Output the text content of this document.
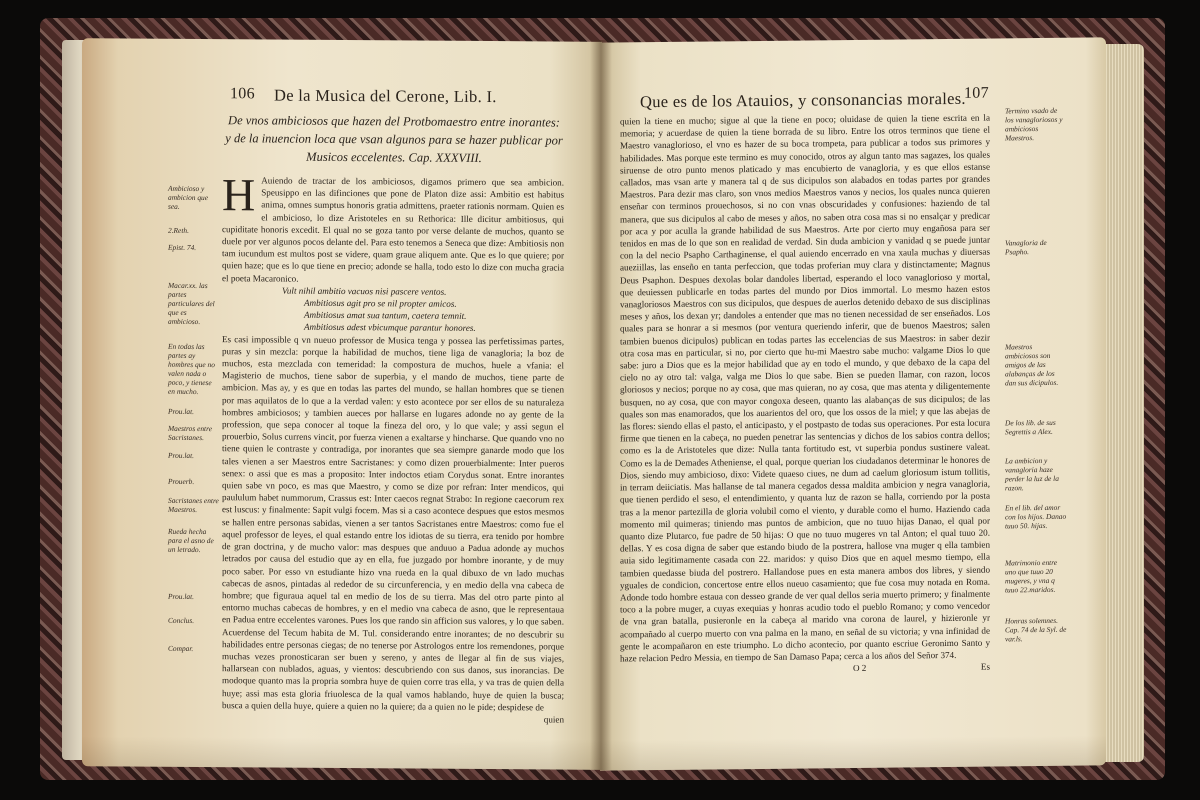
106 De la Musica del Cerone, Lib. I.
De vnos ambiciosos que hazen del Protbomaestro entre inorantes: y de la inuencion loca que vsan algunos para se hazer publicar por Musicos eccelentes. Cap. XXXVIII.
H Auiendo de tractar de los ambiciosos, digamos primero que sea ambicion. Speusippo en las difinciones que pone de Platon dize assi: Ambitio est habitus anima, omnes sumptus honoris gratia admittens, praeter rationis normam. Quien es el ambicioso, lo dize Aristoteles en su Rethorica: Ille dicitur ambitiosus, qui cupiditate honoris excedit. El qual no se goza tanto por verse delante de muchos, quanto se duele por ver algunos pocos delante del. Para esto tenemos a Seneca que dize: Ambitiosis non tam iucundum est multos post se videre, quam graue aliquem ante. Que es lo que quiere; por quien haze; que es lo que tiene en precio; adonde se halla, todo esto lo dize con mucha gracia el poeta Macaronico.

Vult nihil ambitio vacuos nisi pascere ventos.
Ambitiosus agit pro se nil propter amicos.
Ambitiosus amat sua tantum, caetera temnit.
Ambitiosus adest vbicumque parantur honores.

Es casi impossible q vn nueuo professor de Musica tenga y possea las perfetissimas partes, puras y sin mezcla: porque la habilidad de muchos, tiene liga de vanagloria; la boz de muchos, esta mezclada con temeridad: la compostura de muchos, huele a vfania: el Magisterio de muchos, tiene sabor de superbia, y el mando de muchos, tiene parte de ambicion. Mas ay, y es que en todas las partes del mundo, se hallan hombres que se tienen por mas aquilatos de lo que a la verdad valen: y esto acontece por ser ellos de su naturaleza hombres ambiciosos; y tambien aueces por hallarse en lugares adonde no ay gente de la profession, que sepa conocer al toque la fineza del oro, y lo que vale; y assi segun el prouerbio, Solus currens vincit, por fuerza vienen a exaltarse y hincharse. Que quando vno no tiene quien le contraste y contradiga, por inorantes que sea siempre ganarde modo que los tales vienen a ser Maestros entre Sacristanes: y como dizen prouerbialmente: Inter pueros senex: o assi que es mas a proposito: Inter indoctos etiam Corydus sonat. Entre inorantes quien sabe vn poco, es mas que Maestro, y como se dize por refran: Inter mendicos, qui paululum habet nummorum, Crassus est: Inter caecos regnat Strabo: In regione caecorum rex est luscus: y finalmente: Sapit vulgi focem. Mas si a caso acontece despues que estos mesmos se hallen entre personas sabidas, vienen a ser tantos Sacristanes entre Maestros: como fue el aquel professor de leyes, el qual estando entre los idiotas de su tierra, era tenido por hombre de gran doctrina, y de mucho valor: mas despues que anduuo a Padua adonde ay muchos letrados por causa del estudio que ay en ella, fue juzgado por hombre inorante, y de muy poco saber. Por esso vn estudiante hizo vna rueda en la qual dibuxo de vn lado muchas cabecas de asnos, pintadas al rededor de su circunferencia, y en medio della vna cabeca de hombre; que figuraua aquel tal en medio de los de su tierra. Mas del otro parte pinto al entorno muchas cabecas de hombres, y en el medio vna cabeca de asno, que le representaua en Padua entre eccelentes varones. Pues los que rando sin afficion sus valores, y lo que saben. Acuerdense del Tecum habita de M. Tul. considerando entre inorantes; de no descubrir su habilidades entre personas ciegas; de no tenerse por Astrologos entre los remendones, porque muchas vezes pronosticaran ser buen y sereno, y antes de llegar al fin de sus viajes, hallarsean con nublados, aguas, y vientos: descubriendo con sus danos, sus inorancias. De modoque quanto mas la propria sombra huye de quien corre tras ella, y va tras de quien della huye; assi mas esta gloria friuolesca de la qual vamos hablando, huye de quien la busca; busca a quien della huye, quiere a quien no la quiere; da a quien no le pide; despidese de

quien

Ambicioso y ambicion que sea.
2.Reth.
Epist. 74.
Macar.xx. las partes particulares del que es ambicioso.
En todas las partes ay hombres que no valen nada o poco, y tienese en mucho.
Prou.lat.
Maestros entre Sacristanes.
Prou.lat.
Prouerb.
Sacristanes entre Maestros.
Rueda hecha para el asno de un letrado.
Prou.lat.
Conclus.
Compar.
Que es de los Atauios, y consonancias morales.
107

quien la tiene en mucho; sigue al que la tiene en poco; oluidase de quien la tiene escrita en la memoria; y acuerdase de quien la tiene borrada de su libro. Entre los otros terminos que tiene el Maestro vanaglorioso, el vno es hazer de su boca trompeta, para publicar a todos sus primores y habilidades. Mas porque este termino es muy conocido, otros ay algun tanto mas sagazes, los quales siruense de otro punto menos platicado y mas encubierto de vanagloria, y es que ellos estanse callados, mas vsan arte y manera tal q de sus dicipulos son alabados en todas partes por grandes Maestros. Para dezir mas claro, son vnos medios Maestros vanos y necios, los quales nunca quieren enseñar con terminos prouechosos, si no con vnas obscuridades y confusiones: haziendo de tal manera, que sus dicipulos al cabo de meses y años, no saben otra cosa mas si no ensalçar y predicar por aca y por aculla la grande habilidad de sus Maestros. Arte por cierto muy engañosa para ser tenidos en mas de lo que son en realidad de verdad. Sin duda ambicion y vanidad q se puede juntar con la del necio Psapho Carthaginense, el qual auiendo encerrado en vna xaula muchas y diuersas aueziillas, las enseño en tanta perfeccion, que todas proferian muy clara y distinctamente; Magnus Deus Psaphon. Despues dexolas bolar dandoles libertad, esperando el loco vanaglorioso y mortal, que deuiessen publicarle en todas partes del mundo por Dios immortal. Lo mesmo hazen estos vanagloriosos Maestros con sus dicipulos, que despues de auerlos detenido debaxo de sus disciplinas meses y años, los dexan yr; dandoles a entender que mas no tienen necessidad de ser enseñados. Los quales para se honrar a si mesmos (por ventura queriendo inferir, que de buenos Maestros; salen tambien buenos dicipulos) publican en todas partes las eccelencias de sus Maestros: in saber dezir otra cosa mas en particular, si no, por cierto que hu-mi Maestro sabe mucho: valgame Dios lo que sabe: juro a Dios que es la mejor habilidad que ay en todo el mundo, y que debaxo de la capa del cielo no ay otro tal: valga, valga me Dios lo que sabe. Bien se pueden llamar, con razon, locos gloriosos y necios; porque no ay cosa, que mas quieran, no ay cosa, que mas atenta y diligentemente busquen, no ay cosa, que con mayor congoxa deseen, quanto las alabanças de sus dicipulos; de las quales son mas enamorados, que los auarientos del oro, que los ossos de la miel; y que las abejas de las flores: siendo ellas el pasto, el anticipasto, y el postpasto de todas sus operaciones. Por esta locura firme que tienen en la cabeça, no pueden penetrar las sentencias y dichos de los sabios contra dellos; como es la de Aristoteles que dize: Nulla tanta fortitudo est, vt superbia pondus sustinere valeat. Como es la de Demades Atheniense, el qual, porque querian los ciudadanos determinar le honores de Dios, siendo muy ambicioso, dixo: Videte quaeso ciues, ne dum ad caelum gloriosum istum tollitis, in terram deiiciatis. Mas hallanse de tal manera cegados dessa maldita ambicion y negra vanagloria, que tienen perdido el seso, el entendimiento, y quanta luz de razon se halla, corriendo por la posta tras a la menor partezilla de gloria volubil como el viento, y durable como el humo. Haziendo cada momento mil quimeras; tiniendo mas puntos de ambicion, que no tuuo hijas Danao, el qual por quanto dize Plutarco, fue padre de 50 hijas: O que no tuuo mugeres vn tal Anton; el qual tuuo 20. dellas. Y es cosa digna de saber que estando biudo de la postrera, hallose vna muger q ella tambien auia sido legitimamente casada con 22. maridos: y quiso Dios que en aquel mesmo tiempo, ella tambien quedasse biuda del postrero. Hallandose pues en esta manera ambos dos libres, y siendo yguales de condicion, concertose entre ellos nueuo casamiento; que fue cosa muy notada en Roma. Adonde todo hombre estaua con desseo grande de ver qual dellos seria muerto primero; y finalmente toco a la pobre muger, a cuyas exequias y honras acudio todo el pueblo Romano; y como vencedor de vna gran batalla, pusieronle en la cabeça al marido vna corona de laurel, y hizieronle yr acompañado al cuerpo muerto con vna palma en la mano, en señal de su victoria; y vna infinidad de gente le acompañaron en este triumpho. Lo dicho acontecio, por quanto escriue Geronimo Santo y haze relacion Pedro Messia, en tiempo de San Damaso Papa; cerca a los años del Señor 374.

O 2	Es

Termino vsado de los vanagloriosos y ambiciosos Maestros.
Vanagloria de Psapho.
Maestros ambiciosos son amigos de las alabanças de los dan sus dicipulos.
De los lib. de sus Segrettis a Alex.
La ambicion y vanagloria haze perder la luz de la razon.
En el lib. del amor con los hijos. Danao tuuo 50. hijas.
Matrimonio entre uno que tuuo 20 mugeres, y vna q tuuo 22.maridos.
Honras solemnes. Cap. 74 de la Syl. de var.ls.
